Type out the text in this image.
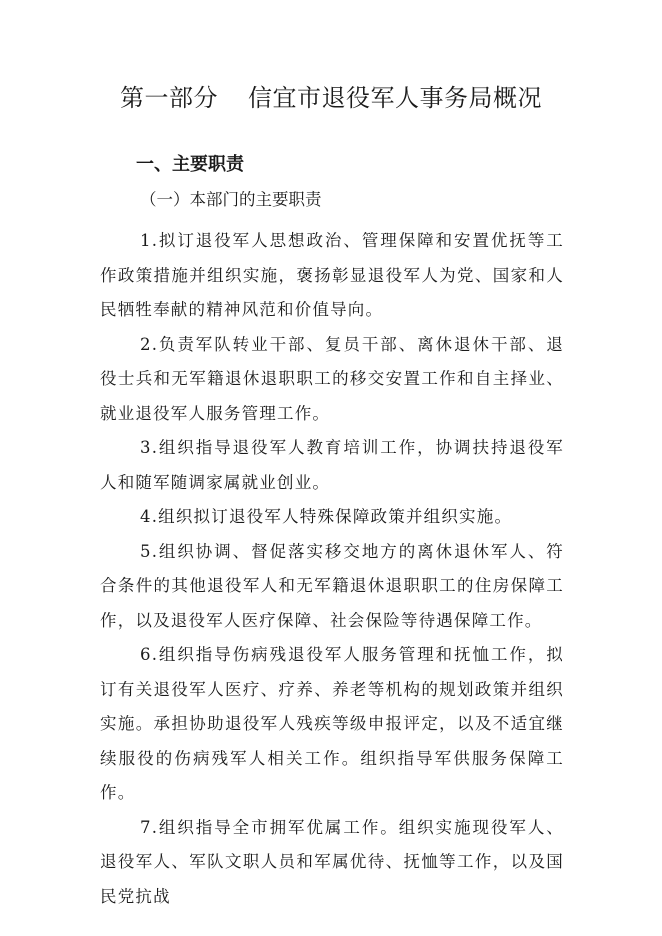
第一部分 信宜市退役军人事务局概况
一、主要职责
（一）本部门的主要职责

1.拟订退役军人思想政治、管理保障和安置优抚等工作政策措施并组织实施，褒扬彰显退役军人为党、国家和人民牺牲奉献的精神风范和价值导向。

2.负责军队转业干部、复员干部、离休退休干部、退役士兵和无军籍退休退职职工的移交安置工作和自主择业、就业退役军人服务管理工作。

3.组织指导退役军人教育培训工作，协调扶持退役军人和随军随调家属就业创业。

4.组织拟订退役军人特殊保障政策并组织实施。

5.组织协调、督促落实移交地方的离休退休军人、符合条件的其他退役军人和无军籍退休退职职工的住房保障工作，以及退役军人医疗保障、社会保险等待遇保障工作。

6.组织指导伤病残退役军人服务管理和抚恤工作，拟订有关退役军人医疗、疗养、养老等机构的规划政策并组织实施。承担协助退役军人残疾等级申报评定，以及不适宜继续服役的伤病残军人相关工作。组织指导军供服务保障工作。

7.组织指导全市拥军优属工作。组织实施现役军人、退役军人、军队文职人员和军属优待、抚恤等工作，以及国民党抗战
